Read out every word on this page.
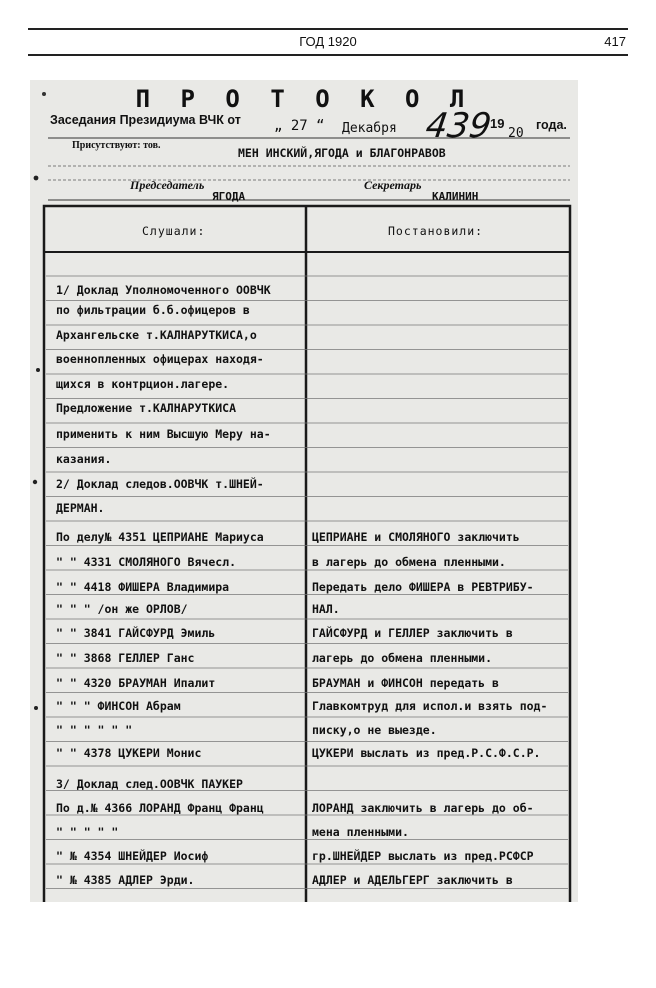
ГОД 1920	417
П Р О Т О К О Л
Заседания Президиума ВЧК от „ 27 “ Декабря 439
19
20
года.
Присутствуют: тов.
МЕН ИНСКИЙ,ЯГОДА и БЛАГОНРАВОВ
Председатель
ЯГОДА
Секретарь
КАЛИНИН
Слушали:	Постановили:
1/ Доклад Уполномоченного ООВЧК
по фильтрации б.б.офицеров в
Архангельске т.КАЛНАРУТКИСА,о
военнопленных офицерах находя-
щихся в контрцион.лагере.
Предложение т.КАЛНАРУТКИСА
применить к ним Высшую Меру на-
казания.
2/ Доклад следов.ООВЧК т.ШНЕЙ-
ДЕРМАН.
По делу№ 4351 ЦЕПРИАНЕ Мариуса
" " 4331 СМОЛЯНОГО Вячесл.
" " 4418 ФИШЕРА Владимира
" " " /он же ОРЛОВ/
" " 3841 ГАЙСФУРД Эмиль
" " 3868 ГЕЛЛЕР Ганс
" " 4320 БРАУМАН Ипалит
" " " ФИНСОН Абрам
" " " " " "
" " 4378 ЦУКЕРИ Монис
3/ Доклад след.ООВЧК ПАУКЕР
По д.№ 4366 ЛОРАНД Франц Франц
" " " " "
" № 4354 ШНЕЙДЕР Иосиф
" № 4385 АДЛЕР Эрди.
ЦЕПРИАНЕ и СМОЛЯНОГО заключить
в лагерь до обмена пленными.
Передать дело ФИШЕРА в РЕВТРИБУ-
НАЛ.
ГАЙСФУРД и ГЕЛЛЕР заключить в
лагерь до обмена пленными.
БРАУМАН и ФИНСОН передать в
Главкомтруд для испол.и взять под-
писку,о не выезде.
ЦУКЕРИ выслать из пред.Р.С.Ф.С.Р.
ЛОРАНД заключить в лагерь до об-
мена пленными.
гр.ШНЕЙДЕР выслать из пред.РСФСР
АДЛЕР и АДЕЛЬГЕРГ заключить в
